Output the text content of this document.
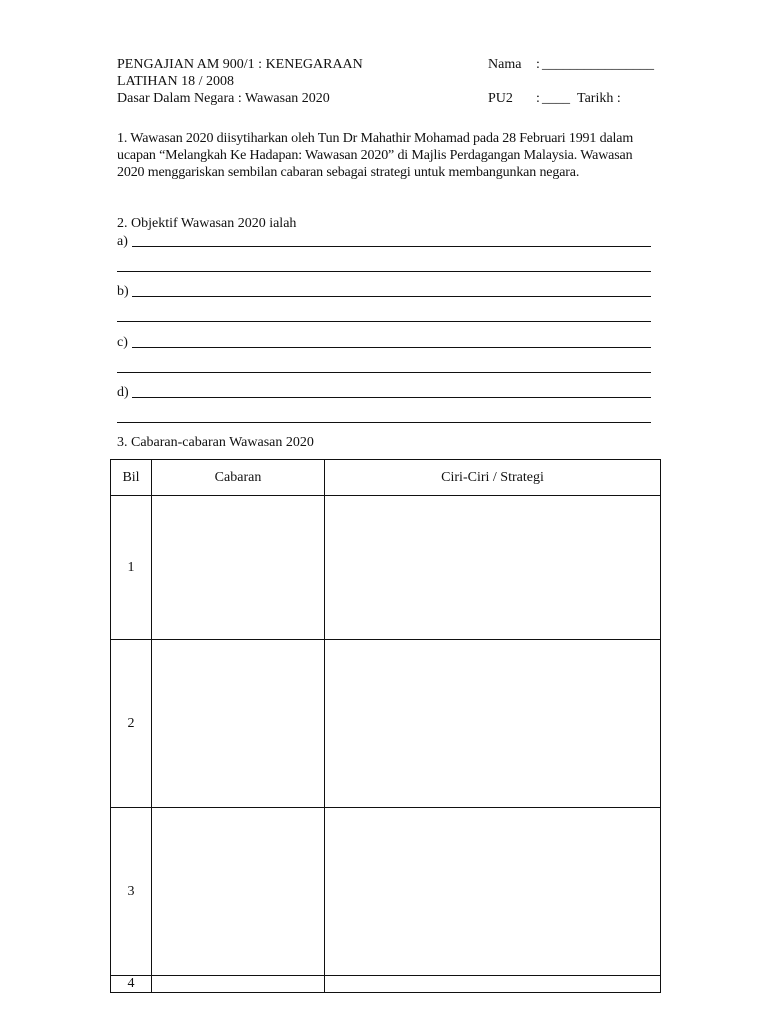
PENGAJIAN AM 900/1 : KENEGARAAN
LATIHAN 18 / 2008
Dasar Dalam Negara : Wawasan 2020
Nama : ________________
PU2 : ____ Tarikh :
1. Wawasan 2020 diisytiharkan oleh Tun Dr Mahathir Mohamad pada 28 Februari 1991 dalam ucapan “Melangkah Ke Hadapan: Wawasan 2020” di Majlis Perdagangan Malaysia. Wawasan 2020 menggariskan sembilan cabaran sebagai strategi untuk membangunkan negara.
2. Objektif Wawasan 2020 ialah
a)
b)
c)
d)
3. Cabaran-cabaran Wawasan 2020
Bil	Cabaran	Ciri-Ciri / Strategi
1		
2		
3		
4		
